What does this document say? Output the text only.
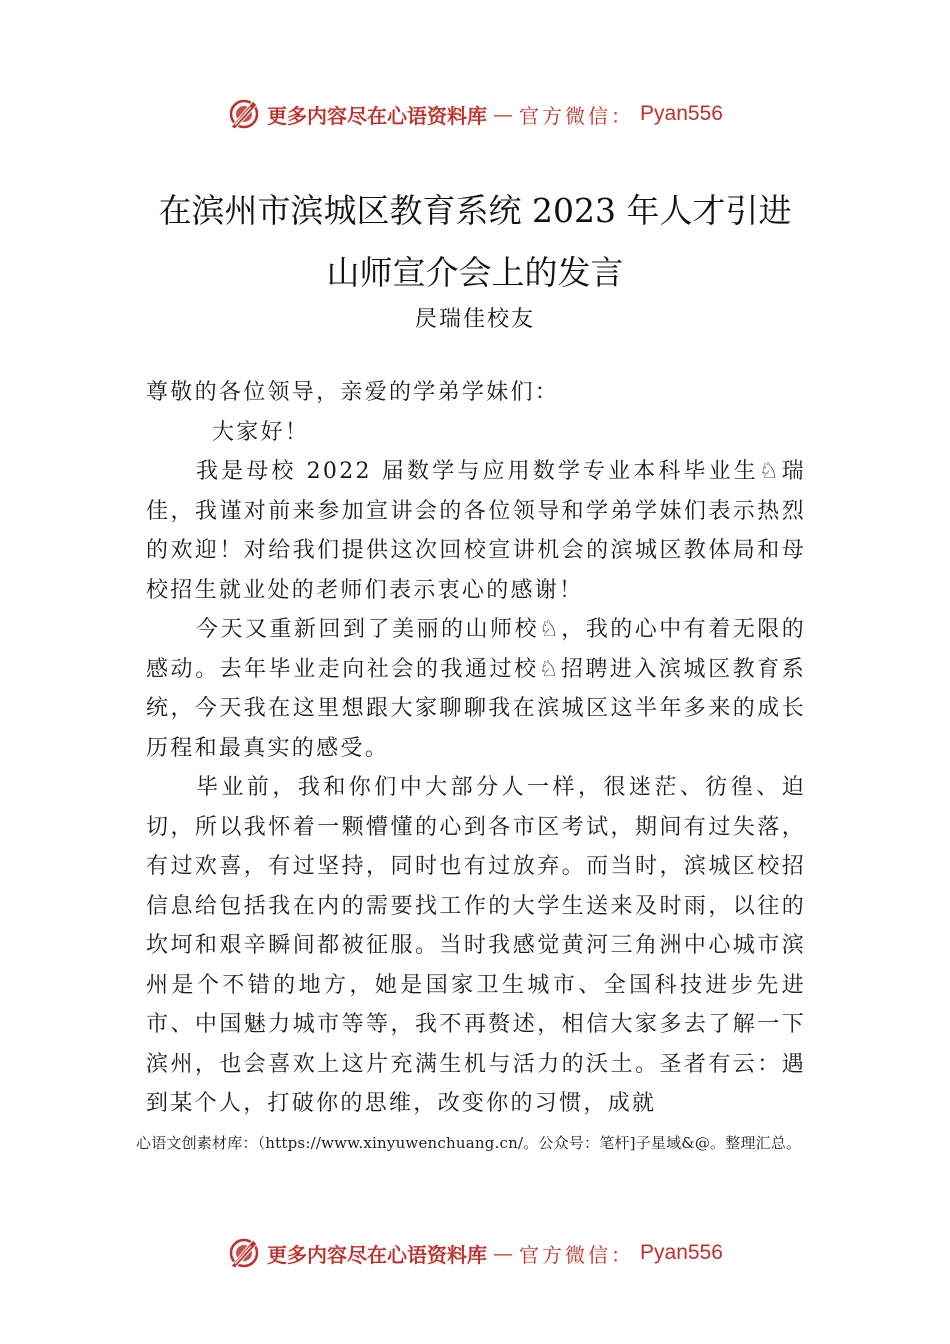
更多内容尽在心语资料库 — 官方微信： Pyan556
在滨州市滨城区教育系统 2023 年人才引进
山师宣介会上的发言
昃瑞佳校友

尊敬的各位领导，亲爱的学弟学妹们：

大家好！

我是母校 2022 届数学与应用数学专业本科毕业生♘瑞佳，我谨对前来参加宣讲会的各位领导和学弟学妹们表示热烈的欢迎！对给我们提供这次回校宣讲机会的滨城区教体局和母校招生就业处的老师们表示衷心的感谢！

今天又重新回到了美丽的山师校♘，我的心中有着无限的感动。去年毕业走向社会的我通过校♘招聘进入滨城区教育系统，今天我在这里想跟大家聊聊我在滨城区这半年多来的成长历程和最真实的感受。

毕业前，我和你们中大部分人一样，很迷茫、彷徨、迫切，所以我怀着一颗懵懂的心到各市区考试，期间有过失落，有过欢喜，有过坚持，同时也有过放弃。而当时，滨城区校招信息给包括我在内的需要找工作的大学生送来及时雨，以往的坎坷和艰辛瞬间都被征服。当时我感觉黄河三角洲中心城市滨州是个不错的地方，她是国家卫生城市、全国科技进步先进市、中国魅力城市等等，我不再赘述，相信大家多去了解一下滨州，也会喜欢上这片充满生机与活力的沃土。圣者有云：遇到某个人，打破你的思维，改变你的习惯，成就

心语文创素材库：（https://www.xinyuwenchuang.cn/。公众号：笔杆]子星域&@。整理汇总。
更多内容尽在心语资料库 — 官方微信： Pyan556
